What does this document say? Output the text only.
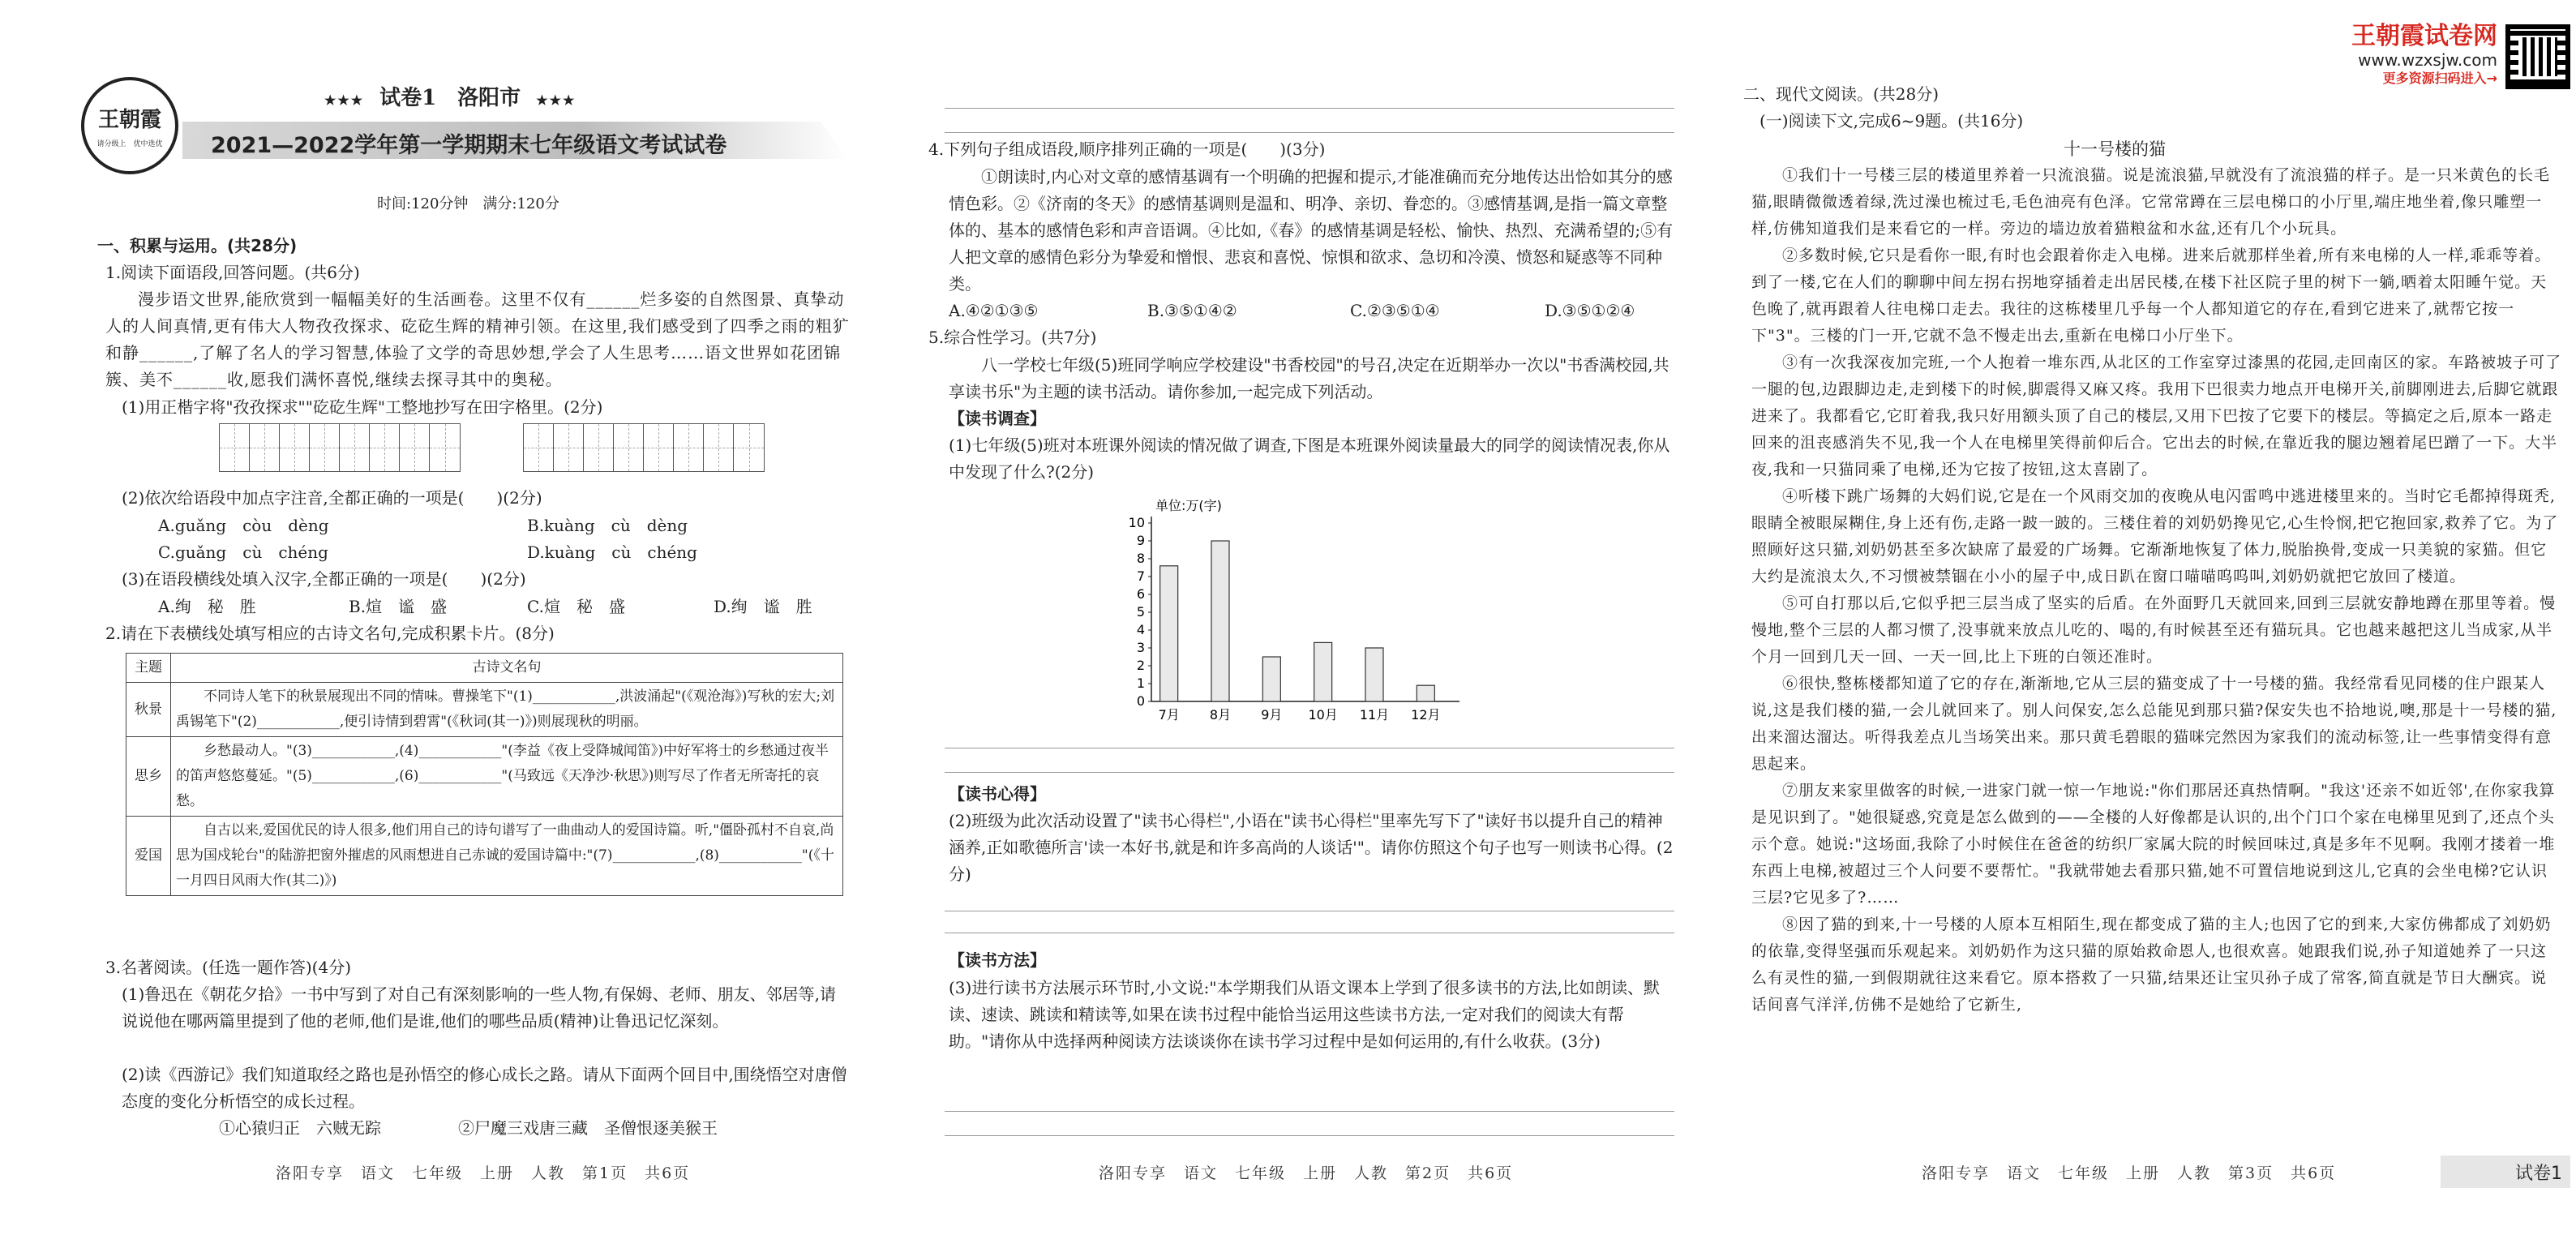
王朝霞
请分级上　优中选优
★★★ 试卷1　洛阳市 ★★★
2021—2022学年第一学期期末七年级语文考试试卷
时间:120分钟　满分:120分
一、积累与运用。(共28分)
1.阅读下面语段,回答问题。(共6分)
漫步语文世界,能欣赏到一幅幅美好的生活画卷。这里不仅有______烂多姿的自然图景、真挚动人的人间真情,更有伟大人物孜孜探求、矻矻生辉的精神引领。在这里,我们感受到了四季之雨的粗犷和静______,了解了名人的学习智慧,体验了文学的奇思妙想,学会了人生思考……语文世界如花团锦簇、美不______收,愿我们满怀喜悦,继续去探寻其中的奥秘。
(1)用正楷字将"孜孜探求""矻矻生辉"工整地抄写在田字格里。(2分)
(2)依次给语段中加点字注音,全都正确的一项是(　　)(2分)
A.guǎng　còu　dèng	B.kuàng　cù　dèng
C.guǎng　cù　chéng	D.kuàng　cù　chéng
(3)在语段横线处填入汉字,全都正确的一项是(　　)(2分)
A.绚　秘　胜	B.煊　谧　盛	C.煊　秘　盛	D.绚　谧　胜
2.请在下表横线处填写相应的古诗文名句,完成积累卡片。(8分)
主题	古诗文名句
秋景	不同诗人笔下的秋景展现出不同的情味。曹操笔下"(1)____________,洪波涌起"(《观沧海》)写秋的宏大;刘禹锡笔下"(2)____________,便引诗情到碧霄"(《秋词(其一)》)则展现秋的明丽。
思乡	乡愁最动人。"(3)____________,(4)____________"(李益《夜上受降城闻笛》)中好军将士的乡愁通过夜半的笛声悠悠蔓延。"(5)____________,(6)____________"(马致远《天净沙·秋思》)则写尽了作者无所寄托的哀愁。
爱国	自古以来,爱国优民的诗人很多,他们用自己的诗句谱写了一曲曲动人的爱国诗篇。听,"僵卧孤村不自哀,尚思为国戍轮台"的陆游把窗外摧虐的风雨想进自己赤诚的爱国诗篇中:"(7)____________,(8)____________"(《十一月四日风雨大作(其二)》)
3.名著阅读。(任选一题作答)(4分)
(1)鲁迅在《朝花夕拾》一书中写到了对自己有深刻影响的一些人物,有保姆、老师、朋友、邻居等,请说说他在哪两篇里提到了他的老师,他们是谁,他们的哪些品质(精神)让鲁迅记忆深刻。
(2)读《西游记》我们知道取经之路也是孙悟空的修心成长之路。请从下面两个回目中,围绕悟空对唐僧态度的变化分析悟空的成长过程。
①心猿归正　六贼无踪	②尸魔三戏唐三藏　圣僧恨逐美猴王
洛阳专享　语文　七年级　上册　人教　第1页　共6页
4.下列句子组成语段,顺序排列正确的一项是(　　)(3分)
①朗读时,内心对文章的感情基调有一个明确的把握和提示,才能准确而充分地传达出恰如其分的感情色彩。②《济南的冬天》的感情基调则是温和、明净、亲切、眷恋的。③感情基调,是指一篇文章整体的、基本的感情色彩和声音语调。④比如,《春》的感情基调是轻松、愉快、热烈、充满希望的;⑤有人把文章的感情色彩分为挚爱和憎恨、悲哀和喜悦、惊惧和欲求、急切和冷漠、愤怒和疑惑等不同种类。
A.④②①③⑤	B.③⑤①④②	C.②③⑤①④	D.③⑤①②④
5.综合性学习。(共7分)
八一学校七年级(5)班同学响应学校建设"书香校园"的号召,决定在近期举办一次以"书香满校园,共享读书乐"为主题的读书活动。请你参加,一起完成下列活动。
【读书调查】
(1)七年级(5)班对本班课外阅读的情况做了调查,下图是本班课外阅读量最大的同学的阅读情况表,你从中发现了什么?(2分)
0
1
2
3
4
5
6
7
8
9
10
7月 8月 9月 10月 11月 12月
单位:万(字)
【读书心得】
(2)班级为此次活动设置了"读书心得栏",小语在"读书心得栏"里率先写下了"读好书以提升自己的精神涵养,正如歌德所言'读一本好书,就是和许多高尚的人谈话'"。请你仿照这个句子也写一则读书心得。(2分)
【读书方法】
(3)进行读书方法展示环节时,小文说:"本学期我们从语文课本上学到了很多读书的方法,比如朗读、默读、速读、跳读和精读等,如果在读书过程中能恰当运用这些读书方法,一定对我们的阅读大有帮助。"请你从中选择两种阅读方法谈谈你在读书学习过程中是如何运用的,有什么收获。(3分)
洛阳专享　语文　七年级　上册　人教　第2页　共6页
王朝霞试卷网
www.wzxsjw.com
更多资源扫码进入→
二、现代文阅读。(共28分)
(一)阅读下文,完成6~9题。(共16分)
十一号楼的猫

①我们十一号楼三层的楼道里养着一只流浪猫。说是流浪猫,早就没有了流浪猫的样子。是一只米黄色的长毛猫,眼睛微微透着绿,洗过澡也梳过毛,毛色油亮有色泽。它常常蹲在三层电梯口的小厅里,端庄地坐着,像只雕塑一样,仿佛知道我们是来看它的一样。旁边的墙边放着猫粮盆和水盆,还有几个小玩具。

②多数时候,它只是看你一眼,有时也会跟着你走入电梯。进来后就那样坐着,所有来电梯的人一样,乖乖等着。到了一楼,它在人们的聊聊中间左拐右拐地穿插着走出居民楼,在楼下社区院子里的树下一躺,晒着太阳睡午觉。天色晚了,就再跟着人往电梯口走去。我往的这栋楼里几乎每一个人都知道它的存在,看到它进来了,就帮它按一下"3"。三楼的门一开,它就不急不慢走出去,重新在电梯口小厅坐下。

③有一次我深夜加完班,一个人抱着一堆东西,从北区的工作室穿过漆黑的花园,走回南区的家。车路被坡子可了一腿的包,边跟脚边走,走到楼下的时候,脚震得又麻又疼。我用下巴很卖力地点开电梯开关,前脚刚进去,后脚它就跟进来了。我都看它,它盯着我,我只好用额头顶了自己的楼层,又用下巴按了它要下的楼层。等搞定之后,原本一路走回来的沮丧感消失不见,我一个人在电梯里笑得前仰后合。它出去的时候,在靠近我的腿边翘着尾巴蹭了一下。大半夜,我和一只猫同乘了电梯,还为它按了按钮,这太喜剧了。

④听楼下跳广场舞的大妈们说,它是在一个风雨交加的夜晚从电闪雷鸣中逃进楼里来的。当时它毛都掉得斑秃,眼睛全被眼屎糊住,身上还有伤,走路一跛一跛的。三楼住着的刘奶奶搀见它,心生怜悯,把它抱回家,救养了它。为了照顾好这只猫,刘奶奶甚至多次缺席了最爱的广场舞。它渐渐地恢复了体力,脱胎换骨,变成一只美貌的家猫。但它大约是流浪太久,不习惯被禁锢在小小的屋子中,成日趴在窗口喵喵呜呜叫,刘奶奶就把它放回了楼道。

⑤可自打那以后,它似乎把三层当成了坚实的后盾。在外面野几天就回来,回到三层就安静地蹲在那里等着。慢慢地,整个三层的人都习惯了,没事就来放点儿吃的、喝的,有时候甚至还有猫玩具。它也越来越把这儿当成家,从半个月一回到几天一回、一天一回,比上下班的白领还准时。

⑥很快,整栋楼都知道了它的存在,渐渐地,它从三层的猫变成了十一号楼的猫。我经常看见同楼的住户跟某人说,这是我们楼的猫,一会儿就回来了。别人问保安,怎么总能见到那只猫?保安失也不拾地说,噢,那是十一号楼的猫,出来溜达溜达。听得我差点儿当场笑出来。那只黄毛碧眼的猫咪完然因为家我们的流动标签,让一些事情变得有意思起来。

⑦朋友来家里做客的时候,一进家门就一惊一乍地说:"你们那居还真热情啊。"我这'还亲不如近邻',在你家我算是见识到了。"她很疑惑,究竟是怎么做到的——全楼的人好像都是认识的,出个门口个家在电梯里见到了,还点个头示个意。她说:"这场面,我除了小时候住在爸爸的纺织厂家属大院的时候回味过,真是多年不见啊。我刚才搂着一堆东西上电梯,被超过三个人问要不要帮忙。"我就带她去看那只猫,她不可置信地说到这儿,它真的会坐电梯?它认识三层?它见多了?……

⑧因了猫的到来,十一号楼的人原本互相陌生,现在都变成了猫的主人;也因了它的到来,大家仿佛都成了刘奶奶的依靠,变得坚强而乐观起来。刘奶奶作为这只猫的原始救命恩人,也很欢喜。她跟我们说,孙子知道她养了一只这么有灵性的猫,一到假期就往这来看它。原本搭救了一只猫,结果还让宝贝孙子成了常客,简直就是节日大酬宾。说话间喜气洋洋,仿佛不是她给了它新生,

洛阳专享　语文　七年级　上册　人教　第3页　共6页	试卷1
